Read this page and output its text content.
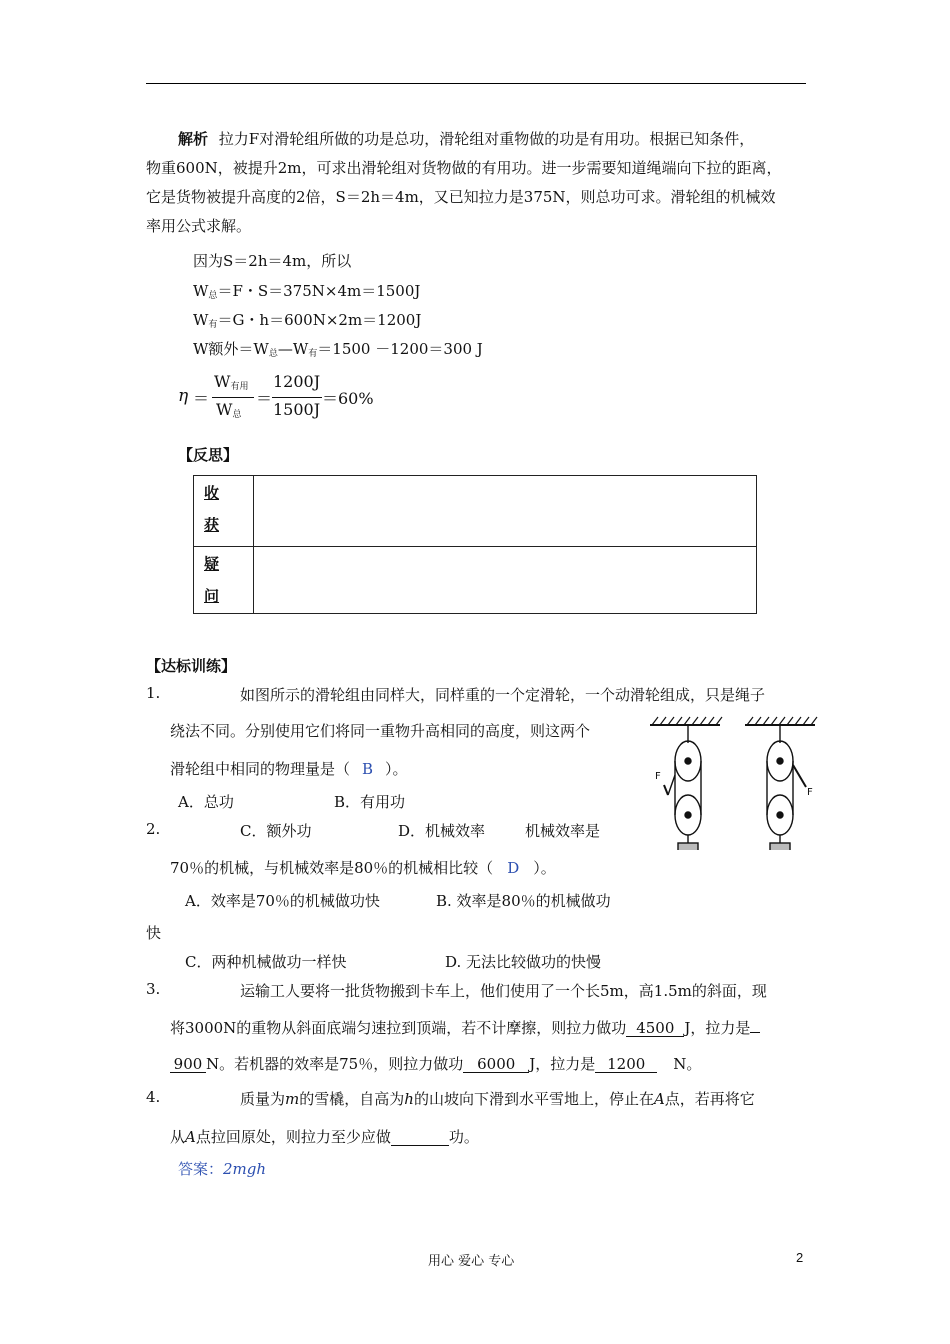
解析 拉力F对滑轮组所做的功是总功，滑轮组对重物做的功是有用功。根据已知条件，
物重600N，被提升2m，可求出滑轮组对货物做的有用功。进一步需要知道绳端向下拉的距离，
它是货物被提升高度的2倍，S＝2h＝4m，又已知拉力是375N，则总功可求。滑轮组的机械效
率用公式求解。
因为S＝2h＝4m，所以
$W_总=F$・S＝375N×4m＝1500J
$W_有=G$・h＝600N×2m＝1200J
W额外$=W_总—W_有=1500 -1200=300$ J
η ＝
$W_{有用}$
$W_总$
＝
1200J
1500J
＝60%
【反思】
收
获	

疑
问	

【达标训练】
1.	如图所示的滑轮组由同样大，同样重的一个定滑轮，一个动滑轮组成，只是绳子
绕法不同。分别使用它们将同一重物升高相同的高度，则这两个
滑轮组中相同的物理量是（ B ）。
A．总功	B．有用功
2.	C．额外功	D．机械效率	机械效率是
70％的机械，与机械效率是80％的机械相比较（ D ）。
A．效率是70％的机械做功快	B. 效率是80％的机械做功
快
C．两种机械做功一样快	D. 无法比较做功的快慢
3.	运输工人要将一批货物搬到卡车上，他们使用了一个长5m，高1.5m的斜面，现
将3000N的重物从斜面底端匀速拉到顶端，若不计摩擦，则拉力做功 4500 J，拉力是
900 N。若机器的效率是75％，则拉力做功 6000 J，拉力是 1200 N。
4.	质量为m的雪橇，自高为h的山坡向下滑到水平雪地上，停止在A点，若再将它
从A点拉回原处，则拉力至少应做	功。
答案：2mgh
F
F
用心 爱心 专心	2
